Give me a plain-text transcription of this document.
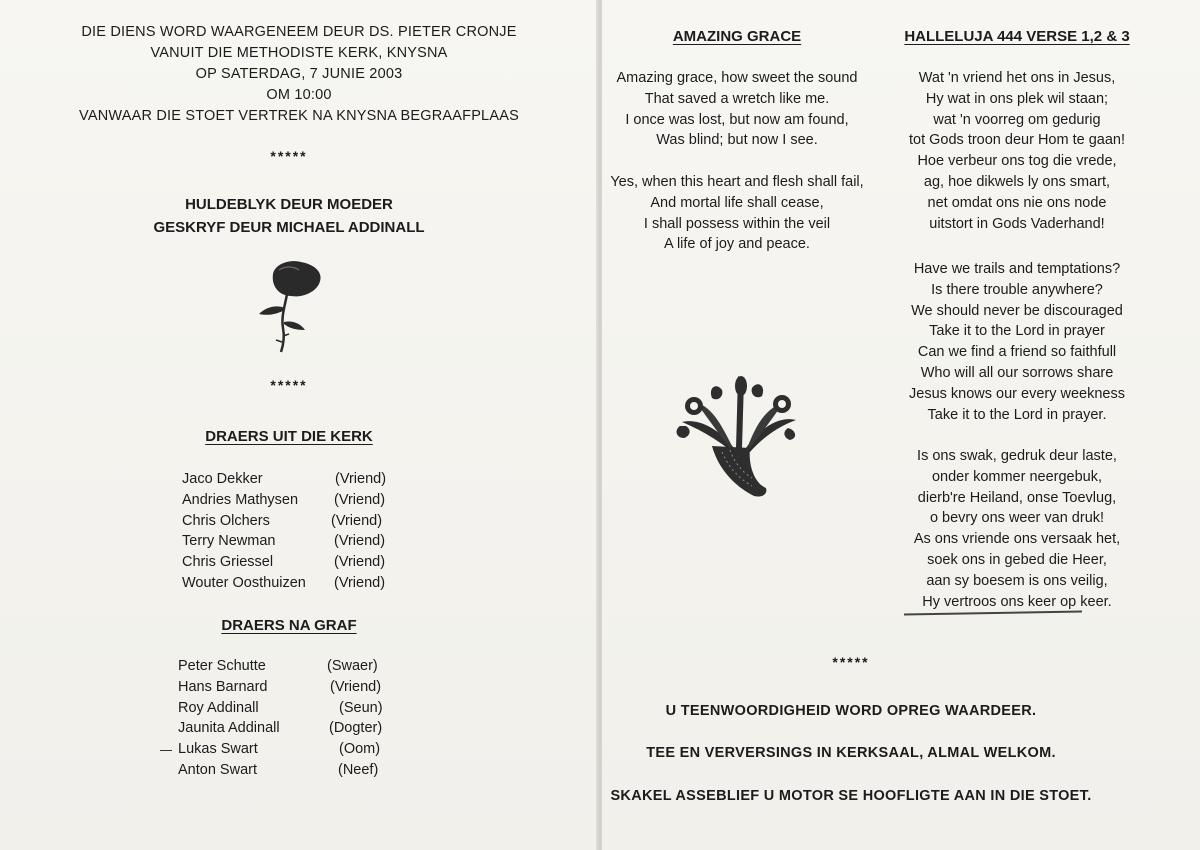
DIE DIENS WORD WAARGENEEM DEUR DS. PIETER CRONJE
VANUIT DIE METHODISTE KERK, KNYSNA
OP SATERDAG, 7 JUNIE 2003
OM 10:00
VANWAAR DIE STOET VERTREK NA KNYSNA BEGRAAFPLAAS
*****
HULDEBLYK DEUR MOEDER
GESKRYF DEUR MICHAEL ADDINALL
*****
DRAERS UIT DIE KERK
Jaco Dekker	(Vriend)
Andries Mathysen (Vriend)
Chris Olchers	(Vriend)
Terry Newman	(Vriend)
Chris Griessel	(Vriend)
Wouter Oosthuizen (Vriend)
DRAERS NA GRAF
Peter Schutte	(Swaer)
Hans Barnard	(Vriend)
Roy Addinall	(Seun)
Jaunita Addinall	(Dogter)
Lukas Swart	(Oom)
Anton Swart	(Neef)
AMAZING GRACE
Amazing grace, how sweet the sound
That saved a wretch like me.
I once was lost, but now am found,
Was blind; but now I see.
Yes, when this heart and flesh shall fail,
And mortal life shall cease,
I shall possess within the veil
A life of joy and peace.
HALLELUJA 444 VERSE 1,2 & 3
Wat 'n vriend het ons in Jesus,
Hy wat in ons plek wil staan;
wat 'n voorreg om gedurig
tot Gods troon deur Hom te gaan!
Hoe verbeur ons tog die vrede,
ag, hoe dikwels ly ons smart,
net omdat ons nie ons node
uitstort in Gods Vaderhand!
Have we trails and temptations?
Is there trouble anywhere?
We should never be discouraged
Take it to the Lord in prayer
Can we find a friend so faithfull
Who will all our sorrows share
Jesus knows our every weekness
Take it to the Lord in prayer.
Is ons swak, gedruk deur laste,
onder kommer neergebuk,
dierb're Heiland, onse Toevlug,
o bevry ons weer van druk!
As ons vriende ons versaak het,
soek ons in gebed die Heer,
aan sy boesem is ons veilig,
Hy vertroos ons keer op keer.
*****
U TEENWOORDIGHEID WORD OPREG WAARDEER.
TEE EN VERVERSINGS IN KERKSAAL, ALMAL WELKOM.
SKAKEL ASSEBLIEF U MOTOR SE HOOFLIGTE AAN IN DIE STOET.
